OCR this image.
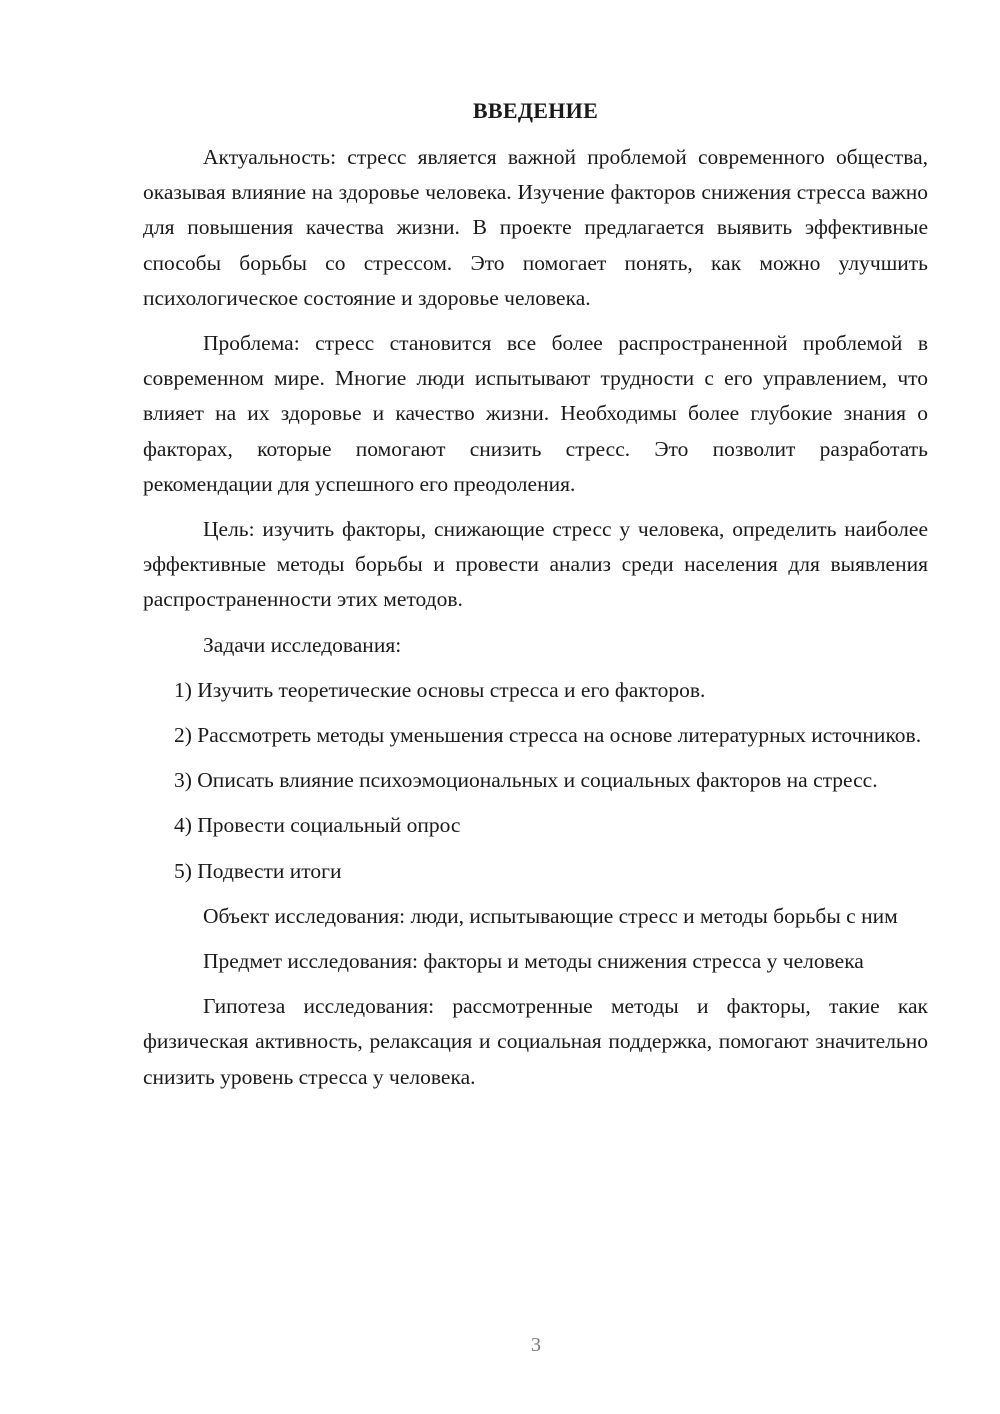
ВВЕДЕНИЕ

Актуальность: стресс является важной проблемой современного общества, оказывая влияние на здоровье человека. Изучение факторов снижения стресса важно для повышения качества жизни. В проекте предлагается выявить эффективные способы борьбы со стрессом. Это помогает понять, как можно улучшить психологическое состояние и здоровье человека.

Проблема: стресс становится все более распространенной проблемой в современном мире. Многие люди испытывают трудности с его управлением, что влияет на их здоровье и качество жизни. Необходимы более глубокие знания о факторах, которые помогают снизить стресс. Это позволит разработать рекомендации для успешного его преодоления.

Цель: изучить факторы, снижающие стресс у человека, определить наиболее эффективные методы борьбы и провести анализ среди населения для выявления распространенности этих методов.

Задачи исследования:

1) Изучить теоретические основы стресса и его факторов.

2) Рассмотреть методы уменьшения стресса на основе литературных источников.

3) Описать влияние психоэмоциональных и социальных факторов на стресс.

4) Провести социальный опрос

5) Подвести итоги

Объект исследования: люди, испытывающие стресс и методы борьбы с ним

Предмет исследования: факторы и методы снижения стресса у человека

Гипотеза исследования: рассмотренные методы и факторы, такие как физическая активность, релаксация и социальная поддержка, помогают значительно снизить уровень стресса у человека.

3
